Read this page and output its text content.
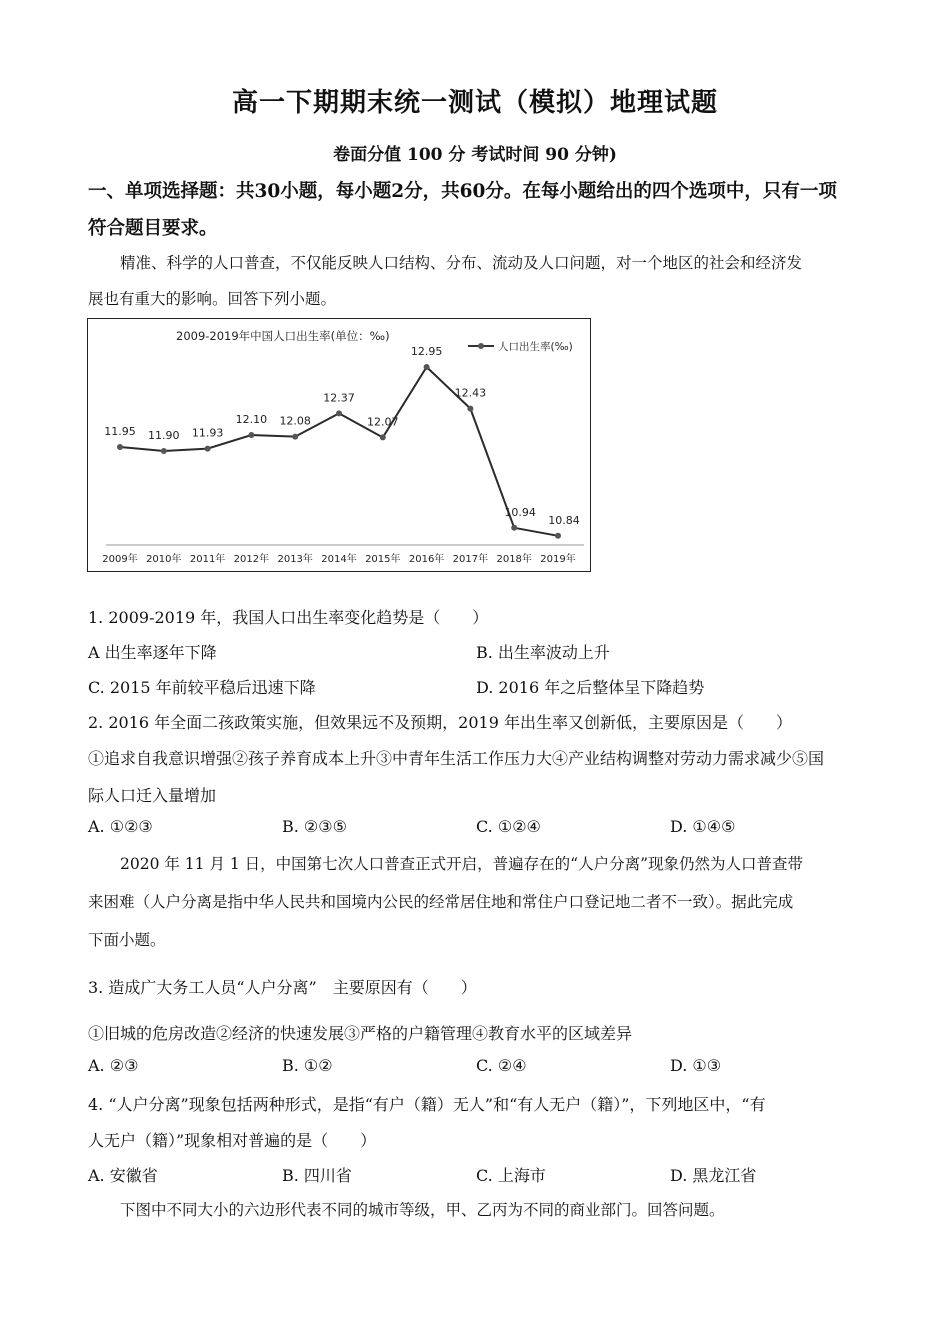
高一下期期末统一测试（模拟）地理试题
卷面分值 100 分 考试时间 90 分钟)
一、单项选择题：共30小题，每小题2分，共60分。在每小题给出的四个选项中，只有一项
符合题目要求。
精准、科学的人口普查，不仅能反映人口结构、分布、流动及人口问题，对一个地区的社会和经济发
展也有重大的影响。回答下列小题。
2009-2019年中国人口出生率(单位：‰)
人口出生率(‰)
11.95
2009年
11.90
2010年
11.93
2011年
12.10
2012年
12.08
2013年
12.37
2014年
12.07
2015年
12.95
2016年
12.43
2017年
10.94
2018年
10.84
2019年
1. 2009-2019 年，我国人口出生率变化趋势是（　　）
A 出生率逐年下降	B. 出生率波动上升
C. 2015 年前较平稳后迅速下降	D. 2016 年之后整体呈下降趋势
2. 2016 年全面二孩政策实施，但效果远不及预期，2019 年出生率又创新低，主要原因是（　　）
①追求自我意识增强②孩子养育成本上升③中青年生活工作压力大④产业结构调整对劳动力需求减少⑤国
际人口迁入量增加
A. ①②③	B. ②③⑤	C. ①②④	D. ①④⑤
2020 年 11 月 1 日，中国第七次人口普查正式开启，普遍存在的“人户分离”现象仍然为人口普查带
来困难（人户分离是指中华人民共和国境内公民的经常居住地和常住户口登记地二者不一致）。据此完成
下面小题。
3. 造成广大务工人员“人户分离”　主要原因有（　　）
①旧城的危房改造②经济的快速发展③严格的户籍管理④教育水平的区域差异
A. ②③	B. ①②	C. ②④	D. ①③
4. “人户分离”现象包括两种形式，是指“有户（籍）无人”和“有人无户（籍）”，下列地区中，“有
人无户（籍）”现象相对普遍的是（　　）
A. 安徽省	B. 四川省	C. 上海市	D. 黑龙江省
下图中不同大小的六边形代表不同的城市等级，甲、乙丙为不同的商业部门。回答问题。
